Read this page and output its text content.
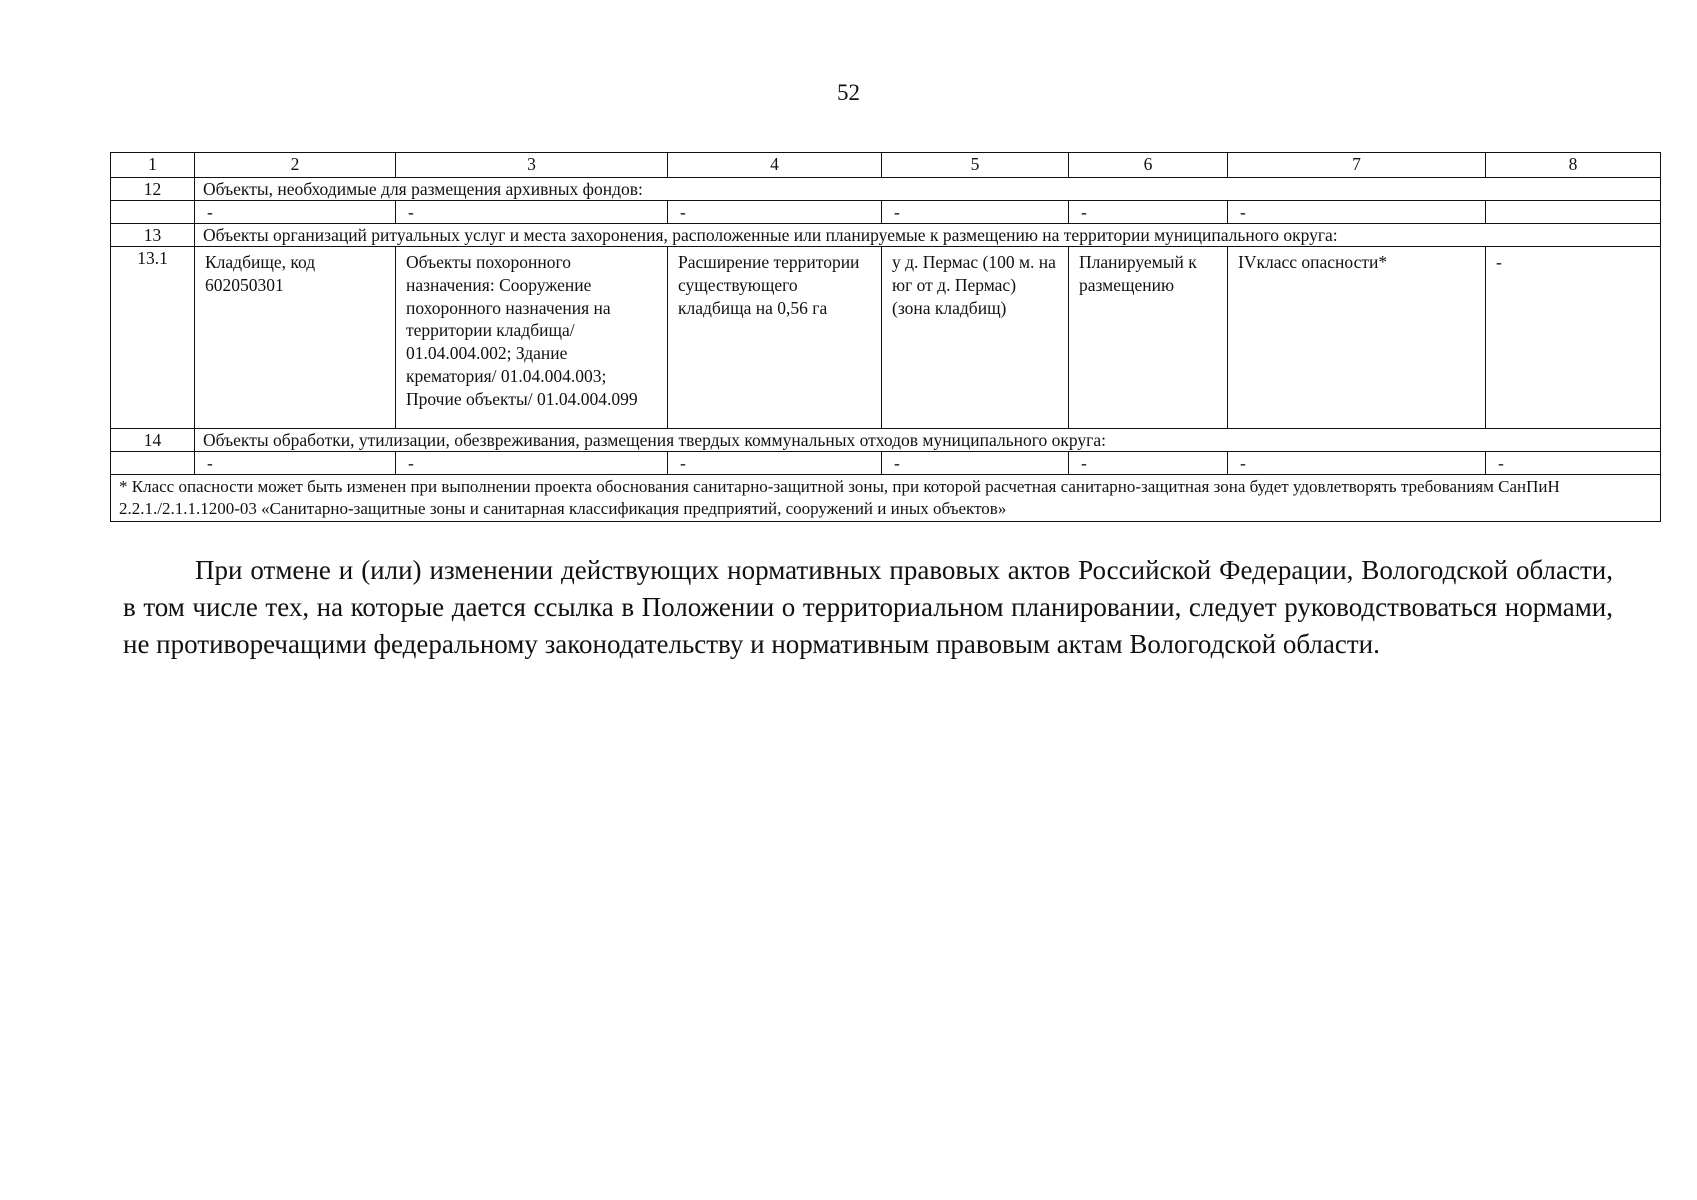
52
1	2	3	4	5	6	7	8
12	Объекты, необходимые для размещения архивных фондов:						
	-	-	-	-	-	-	
13	Объекты организаций ритуальных услуг и места захоронения, расположенные или планируемые к размещению на территории муниципального округа:						
13.1	Кладбище, код 602050301	Объекты похоронного назначения: Сооружение похоронного назначения на территории кладбища/ 01.04.004.002; Здание крематория/ 01.04.004.003; Прочие объекты/ 01.04.004.099	Расширение территории существующего кладбища на 0,56 га	у д. Пермас (100 м. на юг от д. Пермас) (зона кладбищ)	Планируемый к размещению	IVкласс опасности*	-
14	Объекты обработки, утилизации, обезвреживания, размещения твердых коммунальных отходов муниципального округа:						
	-	-	-	-	-	-	-
* Класс опасности может быть изменен при выполнении проекта обоснования санитарно-защитной зоны, при которой расчетная санитарно-защитная зона будет удовлетворять требованиям СанПиН 2.2.1./2.1.1.1200-03 «Санитарно-защитные зоны и санитарная классификация предприятий, сооружений и иных объектов»							

При отмене и (или) изменении действующих нормативных правовых актов Российской Федерации, Вологодской области, в том числе тех, на которые дается ссылка в Положении о территориальном планировании, следует руководствоваться нормами, не противоречащими федеральному законодательству и нормативным правовым актам Вологодской области.
